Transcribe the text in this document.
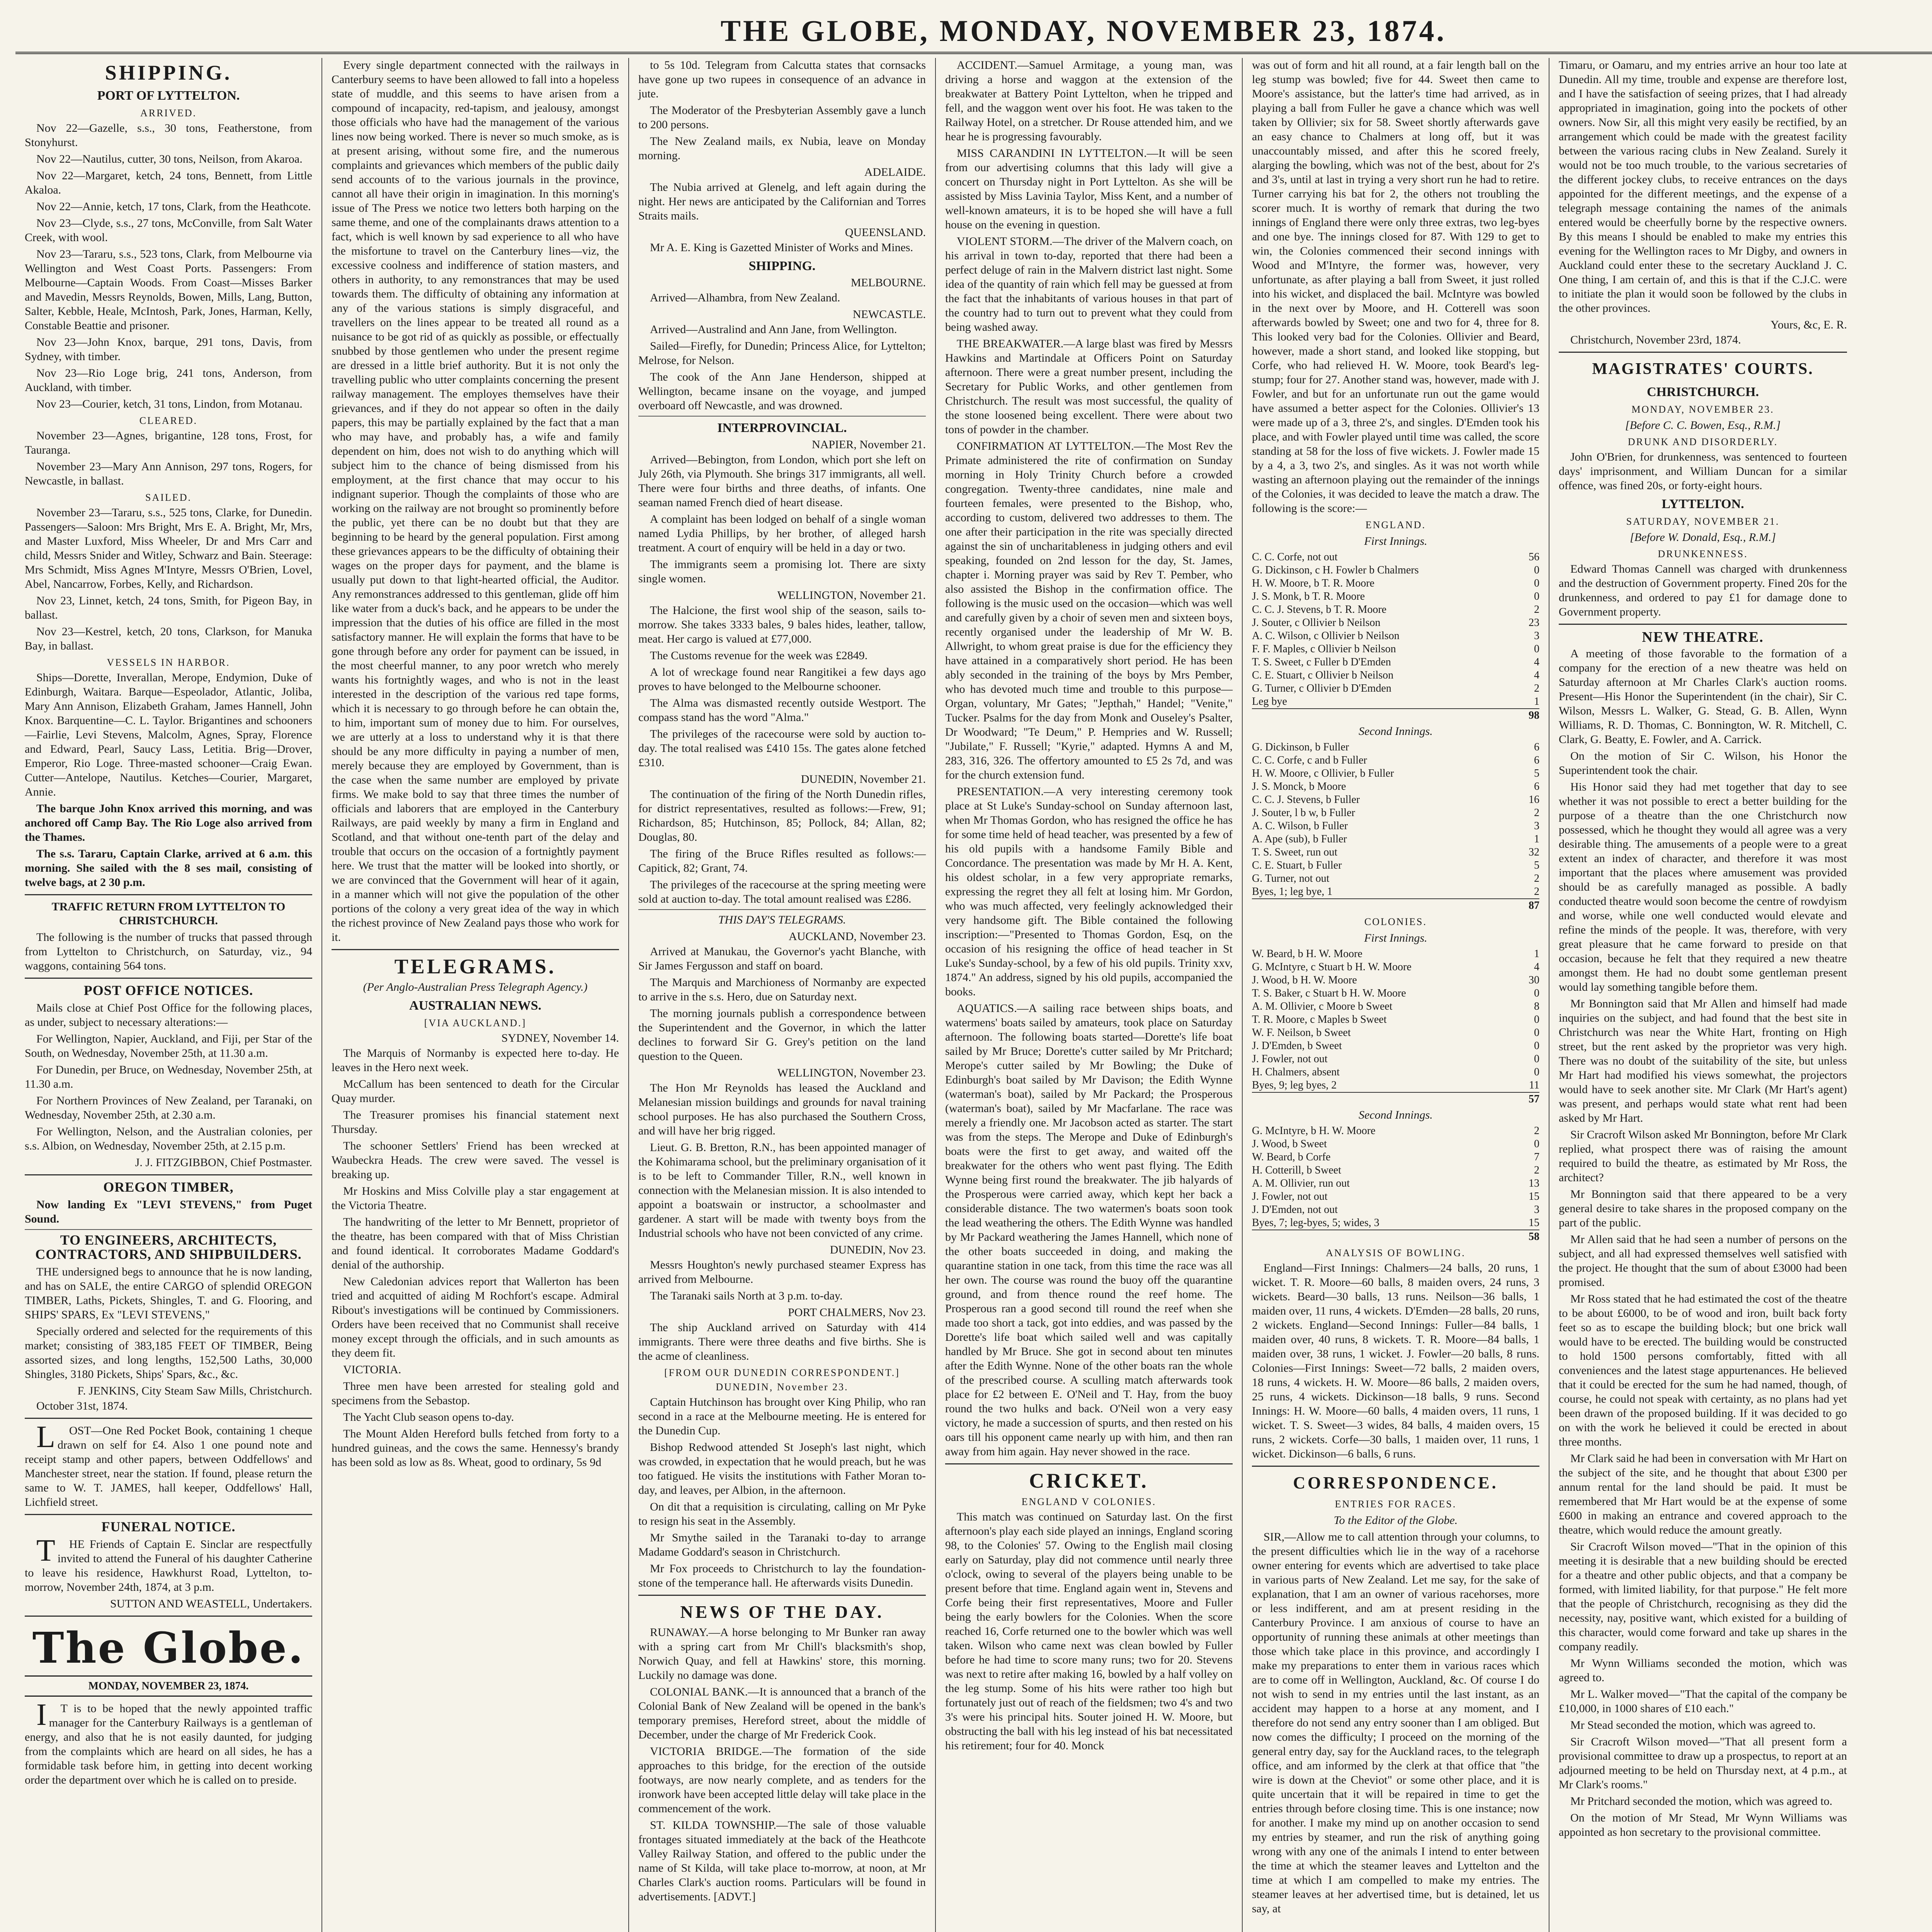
THE GLOBE, MONDAY, NOVEMBER 23, 1874.
SHIPPING.
PORT OF LYTTELTON.
ARRIVED.

Nov 22—Gazelle, s.s., 30 tons, Featherstone, from Stonyhurst.

Nov 22—Nautilus, cutter, 30 tons, Neilson, from Akaroa.

Nov 22—Margaret, ketch, 24 tons, Bennett, from Little Akaloa.

Nov 22—Annie, ketch, 17 tons, Clark, from the Heathcote.

Nov 23—Clyde, s.s., 27 tons, McConville, from Salt Water Creek, with wool.

Nov 23—Tararu, s.s., 523 tons, Clark, from Melbourne via Wellington and West Coast Ports. Passengers: From Melbourne—Captain Woods. From Coast—Misses Barker and Mavedin, Messrs Reynolds, Bowen, Mills, Lang, Button, Salter, Kebble, Heale, McIntosh, Park, Jones, Harman, Kelly, Constable Beattie and prisoner.

Nov 23—John Knox, barque, 291 tons, Davis, from Sydney, with timber.

Nov 23—Rio Loge brig, 241 tons, Anderson, from Auckland, with timber.

Nov 23—Courier, ketch, 31 tons, Lindon, from Motanau.

CLEARED.

November 23—Agnes, brigantine, 128 tons, Frost, for Tauranga.

November 23—Mary Ann Annison, 297 tons, Rogers, for Newcastle, in ballast.

SAILED.

November 23—Tararu, s.s., 525 tons, Clarke, for Dunedin. Passengers—Saloon: Mrs Bright, Mrs E. A. Bright, Mr, Mrs, and Master Luxford, Miss Wheeler, Dr and Mrs Carr and child, Messrs Snider and Witley, Schwarz and Bain. Steerage: Mrs Schmidt, Miss Agnes M'Intyre, Messrs O'Brien, Lovel, Abel, Nancarrow, Forbes, Kelly, and Richardson.

Nov 23, Linnet, ketch, 24 tons, Smith, for Pigeon Bay, in ballast.

Nov 23—Kestrel, ketch, 20 tons, Clarkson, for Manuka Bay, in ballast.

VESSELS IN HARBOR.

Ships—Dorette, Inverallan, Merope, Endymion, Duke of Edinburgh, Waitara. Barque—Espeolador, Atlantic, Joliba, Mary Ann Annison, Elizabeth Graham, James Hannell, John Knox. Barquentine—C. L. Taylor. Brigantines and schooners—Fairlie, Levi Stevens, Malcolm, Agnes, Spray, Florence and Edward, Pearl, Saucy Lass, Letitia. Brig—Drover, Emperor, Rio Loge. Three-masted schooner—Craig Ewan. Cutter—Antelope, Nautilus. Ketches—Courier, Margaret, Annie.

The barque John Knox arrived this morning, and was anchored off Camp Bay. The Rio Loge also arrived from the Thames.

The s.s. Tararu, Captain Clarke, arrived at 6 a.m. this morning. She sailed with the 8 ses mail, consisting of twelve bags, at 2 30 p.m.

TRAFFIC RETURN FROM LYTTELTON TO CHRISTCHURCH.

The following is the number of trucks that passed through from Lyttelton to Christchurch, on Saturday, viz., 94 waggons, containing 564 tons.

POST OFFICE NOTICES.

Mails close at Chief Post Office for the following places, as under, subject to necessary alterations:—

For Wellington, Napier, Auckland, and Fiji, per Star of the South, on Wednesday, November 25th, at 11.30 a.m.

For Dunedin, per Bruce, on Wednesday, November 25th, at 11.30 a.m.

For Northern Provinces of New Zealand, per Taranaki, on Wednesday, November 25th, at 2.30 a.m.

For Wellington, Nelson, and the Australian colonies, per s.s. Albion, on Wednesday, November 25th, at 2.15 p.m.

J. J. FITZGIBBON, Chief Postmaster.
OREGON TIMBER,

Now landing Ex "LEVI STEVENS," from Puget Sound.

TO ENGINEERS, ARCHITECTS, CONTRACTORS, AND SHIPBUILDERS.

THE undersigned begs to announce that he is now landing, and has on SALE, the entire CARGO of splendid OREGON TIMBER, Laths, Pickets, Shingles, T. and G. Flooring, and SHIPS' SPARS, Ex "LEVI STEVENS,"

Specially ordered and selected for the requirements of this market; consisting of 383,185 FEET OF TIMBER, Being assorted sizes, and long lengths, 152,500 Laths, 30,000 Shingles, 3180 Pickets, Ships' Spars, &c., &c.

F. JENKINS, City Steam Saw Mills, Christchurch.
October 31st, 1874.

LOST—One Red Pocket Book, containing 1 cheque drawn on self for £4. Also 1 one pound note and receipt stamp and other papers, between Oddfellows' and Manchester street, near the station. If found, please return the same to W. T. JAMES, hall keeper, Oddfellows' Hall, Lichfield street.

FUNERAL NOTICE.

THE Friends of Captain E. Sinclar are respectfully invited to attend the Funeral of his daughter Catherine to leave his residence, Hawkhurst Road, Lyttelton, to-morrow, November 24th, 1874, at 3 p.m.

SUTTON AND WEASTELL, Undertakers.
The Globe.
MONDAY, NOVEMBER 23, 1874.

IT is to be hoped that the newly appointed traffic manager for the Canterbury Railways is a gentleman of energy, and also that he is not easily daunted, for judging from the complaints which are heard on all sides, he has a formidable task before him, in getting into decent working order the department over which he is called on to preside.

Every single department connected with the railways in Canterbury seems to have been allowed to fall into a hopeless state of muddle, and this seems to have arisen from a compound of incapacity, red-tapism, and jealousy, amongst those officials who have had the management of the various lines now being worked. There is never so much smoke, as is at present arising, without some fire, and the numerous complaints and grievances which members of the public daily send accounts of to the various journals in the province, cannot all have their origin in imagination. In this morning's issue of The Press we notice two letters both harping on the same theme, and one of the complainants draws attention to a fact, which is well known by sad experience to all who have the misfortune to travel on the Canterbury lines—viz, the excessive coolness and indifference of station masters, and others in authority, to any remonstrances that may be used towards them. The difficulty of obtaining any information at any of the various stations is simply disgraceful, and travellers on the lines appear to be treated all round as a nuisance to be got rid of as quickly as possible, or effectually snubbed by those gentlemen who under the present regime are dressed in a little brief authority. But it is not only the travelling public who utter complaints concerning the present railway management. The employes themselves have their grievances, and if they do not appear so often in the daily papers, this may be partially explained by the fact that a man who may have, and probably has, a wife and family dependent on him, does not wish to do anything which will subject him to the chance of being dismissed from his employment, at the first chance that may occur to his indignant superior. Though the complaints of those who are working on the railway are not brought so prominently before the public, yet there can be no doubt but that they are beginning to be heard by the general population. First among these grievances appears to be the difficulty of obtaining their wages on the proper days for payment, and the blame is usually put down to that light-hearted official, the Auditor. Any remonstrances addressed to this gentleman, glide off him like water from a duck's back, and he appears to be under the impression that the duties of his office are filled in the most satisfactory manner. He will explain the forms that have to be gone through before any order for payment can be issued, in the most cheerful manner, to any poor wretch who merely wants his fortnightly wages, and who is not in the least interested in the description of the various red tape forms, which it is necessary to go through before he can obtain the, to him, important sum of money due to him. For ourselves, we are utterly at a loss to understand why it is that there should be any more difficulty in paying a number of men, merely because they are employed by Government, than is the case when the same number are employed by private firms. We make bold to say that three times the number of officials and laborers that are employed in the Canterbury Railways, are paid weekly by many a firm in England and Scotland, and that without one-tenth part of the delay and trouble that occurs on the occasion of a fortnightly payment here. We trust that the matter will be looked into shortly, or we are convinced that the Government will hear of it again, in a manner which will not give the population of the other portions of the colony a very great idea of the way in which the richest province of New Zealand pays those who work for it.

TELEGRAMS.
(Per Anglo-Australian Press Telegraph Agency.)
AUSTRALIAN NEWS.
[VIA AUCKLAND.]
SYDNEY, November 14.

The Marquis of Normanby is expected here to-day. He leaves in the Hero next week.

McCallum has been sentenced to death for the Circular Quay murder.

The Treasurer promises his financial statement next Thursday.

The schooner Settlers' Friend has been wrecked at Waubeckra Heads. The crew were saved. The vessel is breaking up.

Mr Hoskins and Miss Colville play a star engagement at the Victoria Theatre.

The handwriting of the letter to Mr Bennett, proprietor of the theatre, has been compared with that of Miss Christian and found identical. It corroborates Madame Goddard's denial of the authorship.

New Caledonian advices report that Wallerton has been tried and acquitted of aiding M Rochfort's escape. Admiral Ribout's investigations will be continued by Commissioners. Orders have been received that no Communist shall receive money except through the officials, and in such amounts as they deem fit.

VICTORIA.

Three men have been arrested for stealing gold and specimens from the Sebastop.

The Yacht Club season opens to-day.

The Mount Alden Hereford bulls fetched from forty to a hundred guineas, and the cows the same. Hennessy's brandy has been sold as low as 8s. Wheat, good to ordinary, 5s 9d

to 5s 10d. Telegram from Calcutta states that cornsacks have gone up two rupees in consequence of an advance in jute.

The Moderator of the Presbyterian Assembly gave a lunch to 200 persons.

The New Zealand mails, ex Nubia, leave on Monday morning.

ADELAIDE.

The Nubia arrived at Glenelg, and left again during the night. Her news are anticipated by the Californian and Torres Straits mails.

QUEENSLAND.

Mr A. E. King is Gazetted Minister of Works and Mines.

SHIPPING.
MELBOURNE.

Arrived—Alhambra, from New Zealand.

NEWCASTLE.

Arrived—Australind and Ann Jane, from Wellington.

Sailed—Firefly, for Dunedin; Princess Alice, for Lyttelton; Melrose, for Nelson.

The cook of the Ann Jane Henderson, shipped at Wellington, became insane on the voyage, and jumped overboard off Newcastle, and was drowned.

INTERPROVINCIAL.
NAPIER, November 21.

Arrived—Bebington, from London, which port she left on July 26th, via Plymouth. She brings 317 immigrants, all well. There were four births and three deaths, of infants. One seaman named French died of heart disease.

A complaint has been lodged on behalf of a single woman named Lydia Phillips, by her brother, of alleged harsh treatment. A court of enquiry will be held in a day or two.

The immigrants seem a promising lot. There are sixty single women.

WELLINGTON, November 21.

The Halcione, the first wool ship of the season, sails to-morrow. She takes 3333 bales, 9 bales hides, leather, tallow, meat. Her cargo is valued at £77,000.

The Customs revenue for the week was £2849.

A lot of wreckage found near Rangitikei a few days ago proves to have belonged to the Melbourne schooner.

The Alma was dismasted recently outside Westport. The compass stand has the word "Alma."

The privileges of the racecourse were sold by auction to-day. The total realised was £410 15s. The gates alone fetched £310.

DUNEDIN, November 21.

The continuation of the firing of the North Dunedin rifles, for district representatives, resulted as follows:—Frew, 91; Richardson, 85; Hutchinson, 85; Pollock, 84; Allan, 82; Douglas, 80.

The firing of the Bruce Rifles resulted as follows:—Capitick, 82; Grant, 74.

The privileges of the racecourse at the spring meeting were sold at auction to-day. The total amount realised was £286.

THIS DAY'S TELEGRAMS.
AUCKLAND, November 23.

Arrived at Manukau, the Governor's yacht Blanche, with Sir James Fergusson and staff on board.

The Marquis and Marchioness of Normanby are expected to arrive in the s.s. Hero, due on Saturday next.

The morning journals publish a correspondence between the Superintendent and the Governor, in which the latter declines to forward Sir G. Grey's petition on the land question to the Queen.

WELLINGTON, November 23.

The Hon Mr Reynolds has leased the Auckland and Melanesian mission buildings and grounds for naval training school purposes. He has also purchased the Southern Cross, and will have her brig rigged.

Lieut. G. B. Bretton, R.N., has been appointed manager of the Kohimarama school, but the preliminary organisation of it is to be left to Commander Tiller, R.N., well known in connection with the Melanesian mission. It is also intended to appoint a boatswain or instructor, a schoolmaster and gardener. A start will be made with twenty boys from the Industrial schools who have not been convicted of any crime.

DUNEDIN, Nov 23.

Messrs Houghton's newly purchased steamer Express has arrived from Melbourne.

The Taranaki sails North at 3 p.m. to-day.

PORT CHALMERS, Nov 23.

The ship Auckland arrived on Saturday with 414 immigrants. There were three deaths and five births. She is the acme of cleanliness.

[FROM OUR DUNEDIN CORRESPONDENT.] DUNEDIN, November 23.

Captain Hutchinson has brought over King Philip, who ran second in a race at the Melbourne meeting. He is entered for the Dunedin Cup.

Bishop Redwood attended St Joseph's last night, which was crowded, in expectation that he would preach, but he was too fatigued. He visits the institutions with Father Moran to-day, and leaves, per Albion, in the afternoon.

On dit that a requisition is circulating, calling on Mr Pyke to resign his seat in the Assembly.

Mr Smythe sailed in the Taranaki to-day to arrange Madame Goddard's season in Christchurch.

Mr Fox proceeds to Christchurch to lay the foundation-stone of the temperance hall. He afterwards visits Dunedin.

NEWS OF THE DAY.

RUNAWAY.—A horse belonging to Mr Bunker ran away with a spring cart from Mr Chill's blacksmith's shop, Norwich Quay, and fell at Hawkins' store, this morning. Luckily no damage was done.

COLONIAL BANK.—It is announced that a branch of the Colonial Bank of New Zealand will be opened in the bank's temporary premises, Hereford street, about the middle of December, under the charge of Mr Frederick Cook.

VICTORIA BRIDGE.—The formation of the side approaches to this bridge, for the erection of the outside footways, are now nearly complete, and as tenders for the ironwork have been accepted little delay will take place in the commencement of the work.

ST. KILDA TOWNSHIP.—The sale of those valuable frontages situated immediately at the back of the Heathcote Valley Railway Station, and offered to the public under the name of St Kilda, will take place to-morrow, at noon, at Mr Charles Clark's auction rooms. Particulars will be found in advertisements. [ADVT.]

ACCIDENT.—Samuel Armitage, a young man, was driving a horse and waggon at the extension of the breakwater at Battery Point Lyttelton, when he tripped and fell, and the waggon went over his foot. He was taken to the Railway Hotel, on a stretcher. Dr Rouse attended him, and we hear he is progressing favourably.

MISS CARANDINI IN LYTTELTON.—It will be seen from our advertising columns that this lady will give a concert on Thursday night in Port Lyttelton. As she will be assisted by Miss Lavinia Taylor, Miss Kent, and a number of well-known amateurs, it is to be hoped she will have a full house on the evening in question.

VIOLENT STORM.—The driver of the Malvern coach, on his arrival in town to-day, reported that there had been a perfect deluge of rain in the Malvern district last night. Some idea of the quantity of rain which fell may be guessed at from the fact that the inhabitants of various houses in that part of the country had to turn out to prevent what they could from being washed away.

THE BREAKWATER.—A large blast was fired by Messrs Hawkins and Martindale at Officers Point on Saturday afternoon. There were a great number present, including the Secretary for Public Works, and other gentlemen from Christchurch. The result was most successful, the quality of the stone loosened being excellent. There were about two tons of powder in the chamber.

CONFIRMATION AT LYTTELTON.—The Most Rev the Primate administered the rite of confirmation on Sunday morning in Holy Trinity Church before a crowded congregation. Twenty-three candidates, nine male and fourteen females, were presented to the Bishop, who, according to custom, delivered two addresses to them. The one after their participation in the rite was specially directed against the sin of uncharitableness in judging others and evil speaking, founded on 2nd lesson for the day, St. James, chapter i. Morning prayer was said by Rev T. Pember, who also assisted the Bishop in the confirmation office. The following is the music used on the occasion—which was well and carefully given by a choir of seven men and sixteen boys, recently organised under the leadership of Mr W. B. Allwright, to whom great praise is due for the efficiency they have attained in a comparatively short period. He has been ably seconded in the training of the boys by Mrs Pember, who has devoted much time and trouble to this purpose—Organ, voluntary, Mr Gates; "Jepthah," Handel; "Venite," Tucker. Psalms for the day from Monk and Ouseley's Psalter, Dr Woodward; "Te Deum," P. Hempries and W. Russell; "Jubilate," F. Russell; "Kyrie," adapted. Hymns A and M, 283, 316, 326. The offertory amounted to £5 2s 7d, and was for the church extension fund.

PRESENTATION.—A very interesting ceremony took place at St Luke's Sunday-school on Sunday afternoon last, when Mr Thomas Gordon, who has resigned the office he has for some time held of head teacher, was presented by a few of his old pupils with a handsome Family Bible and Concordance. The presentation was made by Mr H. A. Kent, his oldest scholar, in a few very appropriate remarks, expressing the regret they all felt at losing him. Mr Gordon, who was much affected, very feelingly acknowledged their very handsome gift. The Bible contained the following inscription:—"Presented to Thomas Gordon, Esq, on the occasion of his resigning the office of head teacher in St Luke's Sunday-school, by a few of his old pupils. Trinity xxv, 1874." An address, signed by his old pupils, accompanied the books.

AQUATICS.—A sailing race between ships boats, and watermens' boats sailed by amateurs, took place on Saturday afternoon. The following boats started—Dorette's life boat sailed by Mr Bruce; Dorette's cutter sailed by Mr Pritchard; Merope's cutter sailed by Mr Bowling; the Duke of Edinburgh's boat sailed by Mr Davison; the Edith Wynne (waterman's boat), sailed by Mr Packard; the Prosperous (waterman's boat), sailed by Mr Macfarlane. The race was merely a friendly one. Mr Jacobson acted as starter. The start was from the steps. The Merope and Duke of Edinburgh's boats were the first to get away, and waited off the breakwater for the others who went past flying. The Edith Wynne being first round the breakwater. The jib halyards of the Prosperous were carried away, which kept her back a considerable distance. The two watermen's boats soon took the lead weathering the others. The Edith Wynne was handled by Mr Packard weathering the James Hannell, which none of the other boats succeeded in doing, and making the quarantine station in one tack, from this time the race was all her own. The course was round the buoy off the quarantine ground, and from thence round the reef home. The Prosperous ran a good second till round the reef when she made too short a tack, got into eddies, and was passed by the Dorette's life boat which sailed well and was capitally handled by Mr Bruce. She got in second about ten minutes after the Edith Wynne. None of the other boats ran the whole of the prescribed course. A sculling match afterwards took place for £2 between E. O'Neil and T. Hay, from the buoy round the two hulks and back. O'Neil won a very easy victory, he made a succession of spurts, and then rested on his oars till his opponent came nearly up with him, and then ran away from him again. Hay never showed in the race.

CRICKET.
ENGLAND V COLONIES.

This match was continued on Saturday last. On the first afternoon's play each side played an innings, England scoring 98, to the Colonies' 57. Owing to the English mail closing early on Saturday, play did not commence until nearly three o'clock, owing to several of the players being unable to be present before that time. England again went in, Stevens and Corfe being their first representatives, Moore and Fuller being the early bowlers for the Colonies. When the score reached 16, Corfe returned one to the bowler which was well taken. Wilson who came next was clean bowled by Fuller before he had time to score many runs; two for 20. Stevens was next to retire after making 16, bowled by a half volley on the leg stump. Some of his hits were rather too high but fortunately just out of reach of the fieldsmen; two 4's and two 3's were his principal hits. Souter joined H. W. Moore, but obstructing the ball with his leg instead of his bat necessitated his retirement; four for 40. Monck

was out of form and hit all round, at a fair length ball on the leg stump was bowled; five for 44. Sweet then came to Moore's assistance, but the latter's time had arrived, as in playing a ball from Fuller he gave a chance which was well taken by Ollivier; six for 58. Sweet shortly afterwards gave an easy chance to Chalmers at long off, but it was unaccountably missed, and after this he scored freely, alarging the bowling, which was not of the best, about for 2's and 3's, until at last in trying a very short run he had to retire. Turner carrying his bat for 2, the others not troubling the scorer much. It is worthy of remark that during the two innings of England there were only three extras, two leg-byes and one bye. The innings closed for 87. With 129 to get to win, the Colonies commenced their second innings with Wood and M'Intyre, the former was, however, very unfortunate, as after playing a ball from Sweet, it just rolled into his wicket, and displaced the bail. McIntyre was bowled in the next over by Moore, and H. Cotterell was soon afterwards bowled by Sweet; one and two for 4, three for 8. This looked very bad for the Colonies. Ollivier and Beard, however, made a short stand, and looked like stopping, but Corfe, who had relieved H. W. Moore, took Beard's leg-stump; four for 27. Another stand was, however, made with J. Fowler, and but for an unfortunate run out the game would have assumed a better aspect for the Colonies. Ollivier's 13 were made up of a 3, three 2's, and singles. D'Emden took his place, and with Fowler played until time was called, the score standing at 58 for the loss of five wickets. J. Fowler made 15 by a 4, a 3, two 2's, and singles. As it was not worth while wasting an afternoon playing out the remainder of the innings of the Colonies, it was decided to leave the match a draw. The following is the score:—

ENGLAND.
First Innings.
C. C. Corfe, not out	56
G. Dickinson, c H. Fowler b Chalmers	0
H. W. Moore, b T. R. Moore	0
J. S. Monk, b T. R. Moore	0
C. C. J. Stevens, b T. R. Moore	2
J. Souter, c Ollivier b Neilson	23
A. C. Wilson, c Ollivier b Neilson	3
F. F. Maples, c Ollivier b Neilson	0
T. S. Sweet, c Fuller b D'Emden	4
C. E. Stuart, c Ollivier b Neilson	4
G. Turner, c Ollivier b D'Emden	2
Leg bye	1
	98
Second Innings.
G. Dickinson, b Fuller	6
C. C. Corfe, c and b Fuller	6
H. W. Moore, c Ollivier, b Fuller	5
J. S. Monck, b Moore	6
C. C. J. Stevens, b Fuller	16
J. Souter, l b w, b Fuller	2
A. C. Wilson, b Fuller	3
A. Ape (sub), b Fuller	1
T. S. Sweet, run out	32
C. E. Stuart, b Fuller	5
G. Turner, not out	2
Byes, 1; leg bye, 1	2
	87
COLONIES.
First Innings.
W. Beard, b H. W. Moore	1
G. McIntyre, c Stuart b H. W. Moore	4
J. Wood, b H. W. Moore	30
T. S. Baker, c Stuart b H. W. Moore	0
A. M. Ollivier, c Moore b Sweet	8
T. R. Moore, c Maples b Sweet	0
W. F. Neilson, b Sweet	0
J. D'Emden, b Sweet	0
J. Fowler, not out	0
H. Chalmers, absent	0
Byes, 9; leg byes, 2	11
	57
Second Innings.
G. McIntyre, b H. W. Moore	2
J. Wood, b Sweet	0
W. Beard, b Corfe	7
H. Cotterill, b Sweet	2
A. M. Ollivier, run out	13
J. Fowler, not out	15
J. D'Emden, not out	3
Byes, 7; leg-byes, 5; wides, 3	15
	58
ANALYSIS OF BOWLING.

England—First Innings: Chalmers—24 balls, 20 runs, 1 wicket. T. R. Moore—60 balls, 8 maiden overs, 24 runs, 3 wickets. Beard—30 balls, 13 runs. Neilson—36 balls, 1 maiden over, 11 runs, 4 wickets. D'Emden—28 balls, 20 runs, 2 wickets. England—Second Innings: Fuller—84 balls, 1 maiden over, 40 runs, 8 wickets. T. R. Moore—84 balls, 1 maiden over, 38 runs, 1 wicket. J. Fowler—20 balls, 8 runs. Colonies—First Innings: Sweet—72 balls, 2 maiden overs, 18 runs, 4 wickets. H. W. Moore—86 balls, 2 maiden overs, 25 runs, 4 wickets. Dickinson—18 balls, 9 runs. Second Innings: H. W. Moore—60 balls, 4 maiden overs, 11 runs, 1 wicket. T. S. Sweet—3 wides, 84 balls, 4 maiden overs, 15 runs, 2 wickets. Corfe—30 balls, 1 maiden over, 11 runs, 1 wicket. Dickinson—6 balls, 6 runs.

CORRESPONDENCE.
ENTRIES FOR RACES.
To the Editor of the Globe.

SIR,—Allow me to call attention through your columns, to the present difficulties which lie in the way of a racehorse owner entering for events which are advertised to take place in various parts of New Zealand. Let me say, for the sake of explanation, that I am an owner of various racehorses, more or less indifferent, and am at present residing in the Canterbury Province. I am anxious of course to have an opportunity of running these animals at other meetings than those which take place in this province, and accordingly I make my preparations to enter them in various races which are to come off in Wellington, Auckland, &c. Of course I do not wish to send in my entries until the last instant, as an accident may happen to a horse at any moment, and I therefore do not send any entry sooner than I am obliged. But now comes the difficulty; I proceed on the morning of the general entry day, say for the Auckland races, to the telegraph office, and am informed by the clerk at that office that "the wire is down at the Cheviot" or some other place, and it is quite uncertain that it will be repaired in time to get the entries through before closing time. This is one instance; now for another. I make my mind up on another occasion to send my entries by steamer, and run the risk of anything going wrong with any one of the animals I intend to enter between the time at which the steamer leaves and Lyttelton and the time at which I am compelled to make my entries. The steamer leaves at her advertised time, but is detained, let us say, at

Timaru, or Oamaru, and my entries arrive an hour too late at Dunedin. All my time, trouble and expense are therefore lost, and I have the satisfaction of seeing prizes, that I had already appropriated in imagination, going into the pockets of other owners. Now Sir, all this might very easily be rectified, by an arrangement which could be made with the greatest facility between the various racing clubs in New Zealand. Surely it would not be too much trouble, to the various secretaries of the different jockey clubs, to receive entrances on the days appointed for the different meetings, and the expense of a telegraph message containing the names of the animals entered would be cheerfully borne by the respective owners. By this means I should be enabled to make my entries this evening for the Wellington races to Mr Digby, and owners in Auckland could enter these to the secretary Auckland J. C. One thing, I am certain of, and this is that if the C.J.C. were to initiate the plan it would soon be followed by the clubs in the other provinces.

Yours, &c, E. R.
Christchurch, November 23rd, 1874.
MAGISTRATES' COURTS.
CHRISTCHURCH.
MONDAY, NOVEMBER 23.
[Before C. C. Bowen, Esq., R.M.]
DRUNK AND DISORDERLY.

John O'Brien, for drunkenness, was sentenced to fourteen days' imprisonment, and William Duncan for a similar offence, was fined 20s, or forty-eight hours.

LYTTELTON.
SATURDAY, NOVEMBER 21.
[Before W. Donald, Esq., R.M.]
DRUNKENNESS.

Edward Thomas Cannell was charged with drunkenness and the destruction of Government property. Fined 20s for the drunkenness, and ordered to pay £1 for damage done to Government property.

NEW THEATRE.

A meeting of those favorable to the formation of a company for the erection of a new theatre was held on Saturday afternoon at Mr Charles Clark's auction rooms. Present—His Honor the Superintendent (in the chair), Sir C. Wilson, Messrs L. Walker, G. Stead, G. B. Allen, Wynn Williams, R. D. Thomas, C. Bonnington, W. R. Mitchell, C. Clark, G. Beatty, E. Fowler, and A. Carrick.

On the motion of Sir C. Wilson, his Honor the Superintendent took the chair.

His Honor said they had met together that day to see whether it was not possible to erect a better building for the purpose of a theatre than the one Christchurch now possessed, which he thought they would all agree was a very desirable thing. The amusements of a people were to a great extent an index of character, and therefore it was most important that the places where amusement was provided should be as carefully managed as possible. A badly conducted theatre would soon become the centre of rowdyism and worse, while one well conducted would elevate and refine the minds of the people. It was, therefore, with very great pleasure that he came forward to preside on that occasion, because he felt that they required a new theatre amongst them. He had no doubt some gentleman present would lay something tangible before them.

Mr Bonnington said that Mr Allen and himself had made inquiries on the subject, and had found that the best site in Christchurch was near the White Hart, fronting on High street, but the rent asked by the proprietor was very high. There was no doubt of the suitability of the site, but unless Mr Hart had modified his views somewhat, the projectors would have to seek another site. Mr Clark (Mr Hart's agent) was present, and perhaps would state what rent had been asked by Mr Hart.

Sir Cracroft Wilson asked Mr Bonnington, before Mr Clark replied, what prospect there was of raising the amount required to build the theatre, as estimated by Mr Ross, the architect?

Mr Bonnington said that there appeared to be a very general desire to take shares in the proposed company on the part of the public.

Mr Allen said that he had seen a number of persons on the subject, and all had expressed themselves well satisfied with the project. He thought that the sum of about £3000 had been promised.

Mr Ross stated that he had estimated the cost of the theatre to be about £6000, to be of wood and iron, built back forty feet so as to escape the building block; but one brick wall would have to be erected. The building would be constructed to hold 1500 persons comfortably, fitted with all conveniences and the latest stage appurtenances. He believed that it could be erected for the sum he had named, though, of course, he could not speak with certainty, as no plans had yet been drawn of the proposed building. If it was decided to go on with the work he believed it could be erected in about three months.

Mr Clark said he had been in conversation with Mr Hart on the subject of the site, and he thought that about £300 per annum rental for the land should be paid. It must be remembered that Mr Hart would be at the expense of some £600 in making an entrance and covered approach to the theatre, which would reduce the amount greatly.

Sir Cracroft Wilson moved—"That in the opinion of this meeting it is desirable that a new building should be erected for a theatre and other public objects, and that a company be formed, with limited liability, for that purpose." He felt more that the people of Christchurch, recognising as they did the necessity, nay, positive want, which existed for a building of this character, would come forward and take up shares in the company readily.

Mr Wynn Williams seconded the motion, which was agreed to.

Mr L. Walker moved—"That the capital of the company be £10,000, in 1000 shares of £10 each."

Mr Stead seconded the motion, which was agreed to.

Sir Cracroft Wilson moved—"That all present form a provisional committee to draw up a prospectus, to report at an adjourned meeting to be held on Thursday next, at 4 p.m., at Mr Clark's rooms."

Mr Pritchard seconded the motion, which was agreed to.

On the motion of Mr Stead, Mr Wynn Williams was appointed as hon secretary to the provisional committee.
